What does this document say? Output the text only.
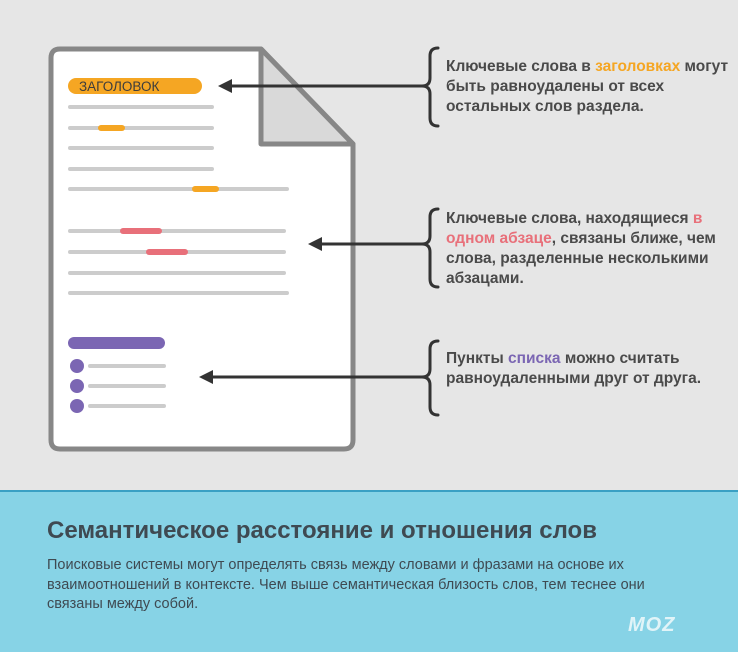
ЗАГОЛОВОК

Ключевые слова в заголовках могут быть равноудалены от всех остальных слов раздела.

Ключевые слова, находящиеся в одном абзаце, связаны ближе, чем слова, разделенные несколькими абзацами.

Пункты списка можно считать равноудаленными друг от друга.

Семантическое расстояние и отношения слов

Поисковые системы могут определять связь между словами и фразами на основе их взаимоотношений в контексте. Чем выше семантическая близость слов, тем теснее они связаны между собой.

MOZ
